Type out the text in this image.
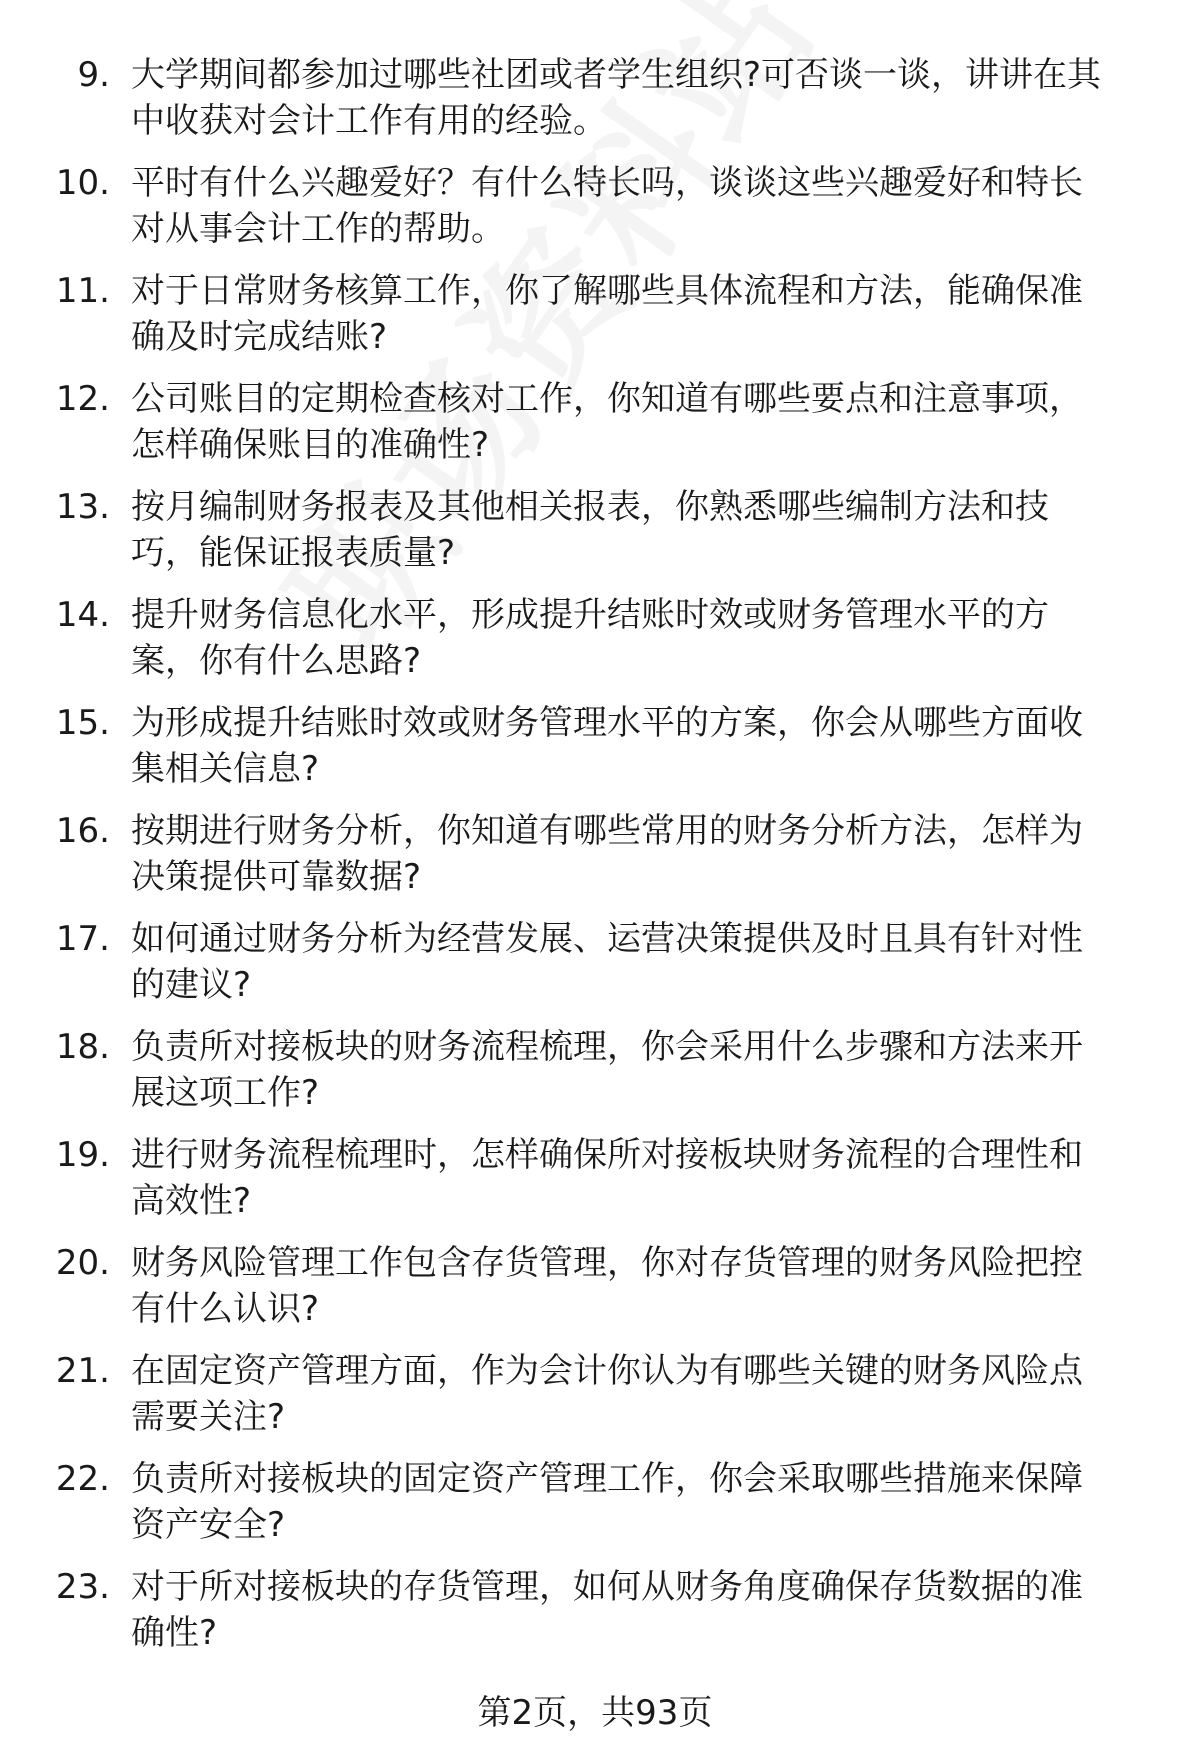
9. 大学期间都参加过哪些社团或者学生组织?可否谈一谈，讲讲在其
中收获对会计工作有用的经验。
10. 平时有什么兴趣爱好？有什么特长吗，谈谈这些兴趣爱好和特长
对从事会计工作的帮助。
11. 对于日常财务核算工作，你了解哪些具体流程和方法，能确保准
确及时完成结账?
12. 公司账目的定期检查核对工作，你知道有哪些要点和注意事项，
怎样确保账目的准确性?
13. 按月编制财务报表及其他相关报表，你熟悉哪些编制方法和技
巧，能保证报表质量?
14. 提升财务信息化水平，形成提升结账时效或财务管理水平的方
案，你有什么思路?
15. 为形成提升结账时效或财务管理水平的方案，你会从哪些方面收
集相关信息?
16. 按期进行财务分析，你知道有哪些常用的财务分析方法，怎样为
决策提供可靠数据?
17. 如何通过财务分析为经营发展、运营决策提供及时且具有针对性
的建议?
18. 负责所对接板块的财务流程梳理，你会采用什么步骤和方法来开
展这项工作?
19. 进行财务流程梳理时，怎样确保所对接板块财务流程的合理性和
高效性?
20. 财务风险管理工作包含存货管理，你对存货管理的财务风险把控
有什么认识?
21. 在固定资产管理方面，作为会计你认为有哪些关键的财务风险点
需要关注?
22. 负责所对接板块的固定资产管理工作，你会采取哪些措施来保障
资产安全?
23. 对于所对接板块的存货管理，如何从财务角度确保存货数据的准
确性?
第2页，共93页
